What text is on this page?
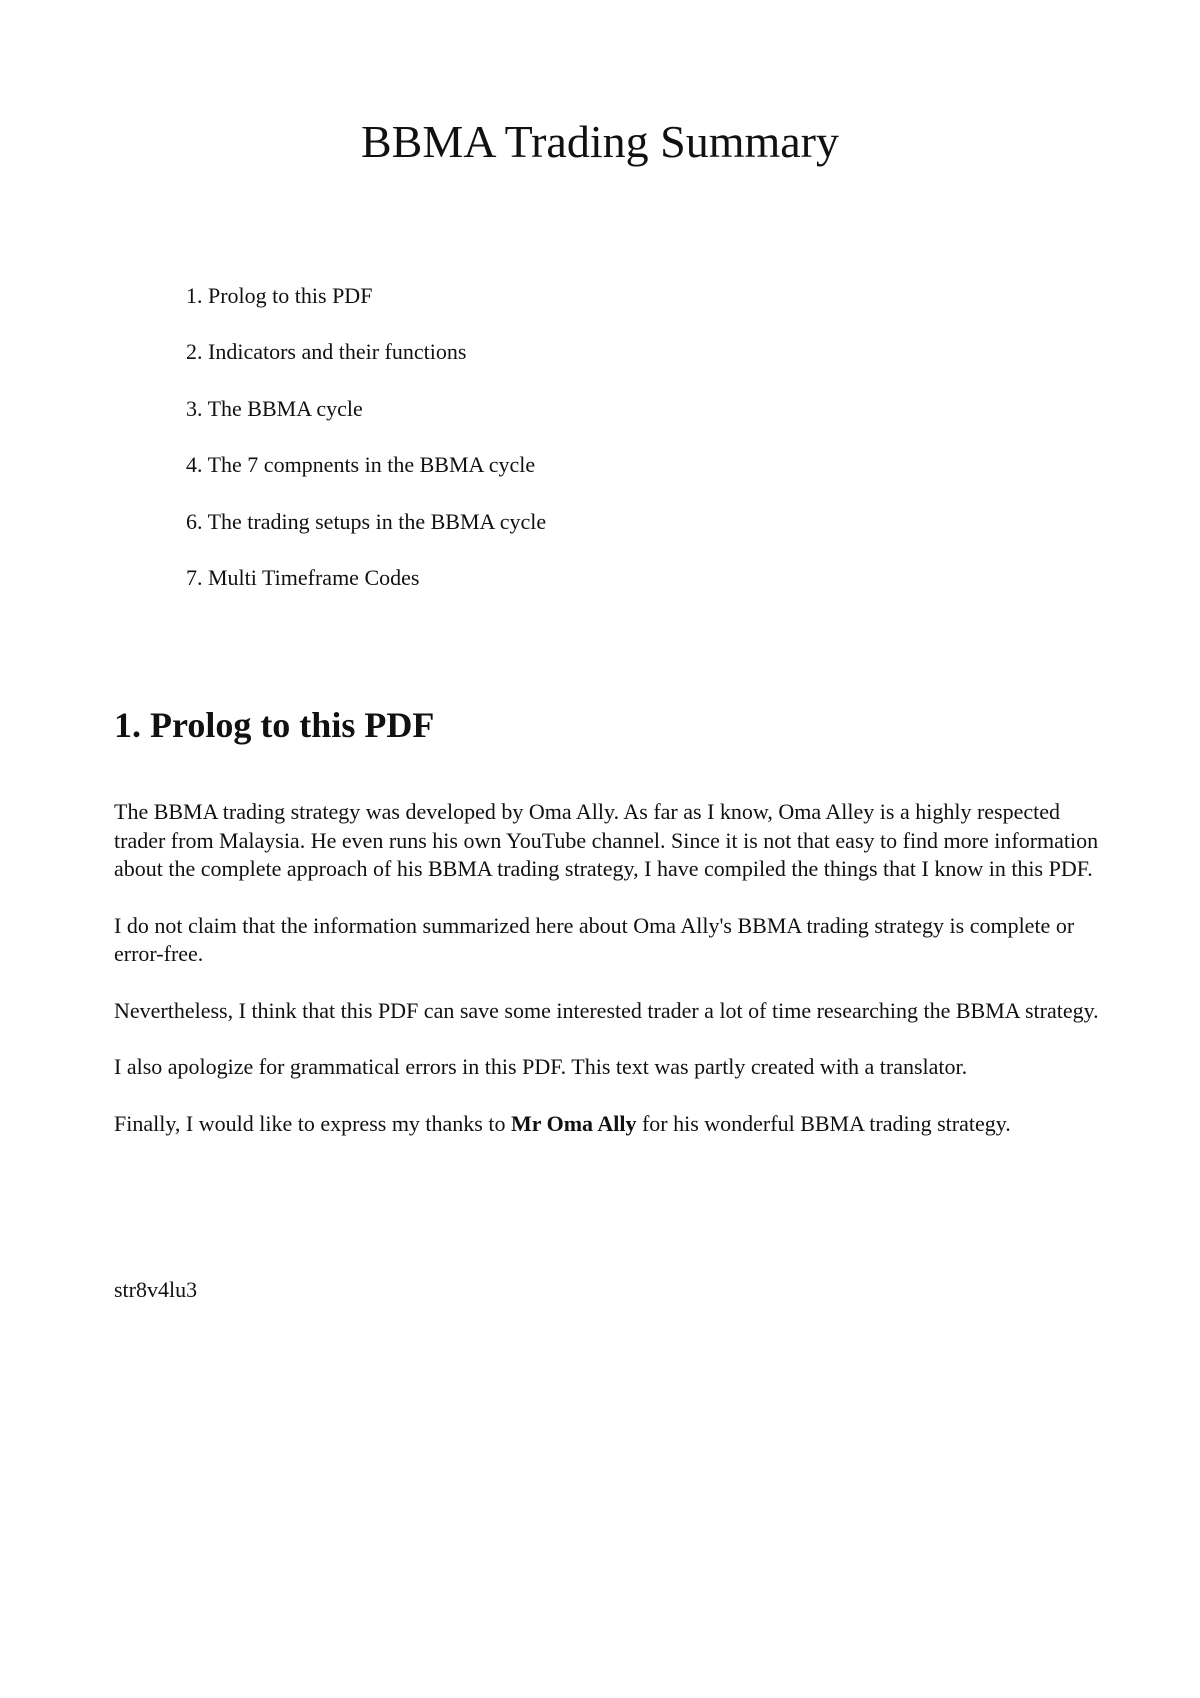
BBMA Trading Summary
1. Prolog to this PDF
2. Indicators and their functions
3. The BBMA cycle
4. The 7 compnents in the BBMA cycle
6. The trading setups in the BBMA cycle
7. Multi Timeframe Codes
1. Prolog to this PDF

The BBMA trading strategy was developed by Oma Ally. As far as I know, Oma Alley is a highly respected trader from Malaysia. He even runs his own YouTube channel. Since it is not that easy to find more information about the complete approach of his BBMA trading strategy, I have compiled the things that I know in this PDF.

I do not claim that the information summarized here about Oma Ally's BBMA trading strategy is complete or error-free.

Nevertheless, I think that this PDF can save some interested trader a lot of time researching the BBMA strategy.

I also apologize for grammatical errors in this PDF. This text was partly created with a translator.

Finally, I would like to express my thanks to Mr Oma Ally for his wonderful BBMA trading strategy.

str8v4lu3
